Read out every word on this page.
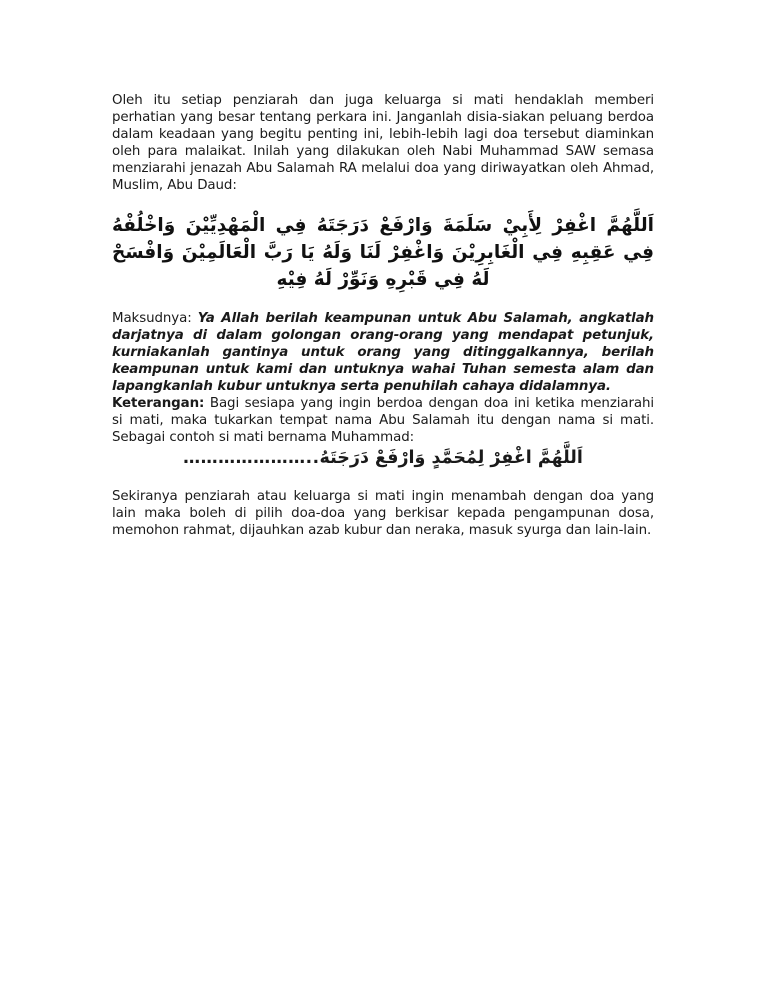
Oleh itu setiap penziarah dan juga keluarga si mati hendaklah memberi perhatian yang besar tentang perkara ini. Janganlah disia-siakan peluang berdoa dalam keadaan yang begitu penting ini, lebih-lebih lagi doa tersebut diaminkan oleh para malaikat. Inilah yang dilakukan oleh Nabi Muhammad SAW semasa menziarahi jenazah Abu Salamah RA melalui doa yang diriwayatkan oleh Ahmad, Muslim, Abu Daud:

اَللَّهُمَّ اغْفِرْ لِأَبِيْ سَلَمَةَ وَارْفَعْ دَرَجَتَهُ فِي الْمَهْدِيِّيْنَ وَاخْلُفْهُ فِي عَقِبِهِ فِي الْغَابِرِيْنَ وَاغْفِرْ لَنَا وَلَهُ يَا رَبَّ الْعَالَمِيْنَ وَافْسَحْ لَهُ فِي قَبْرِهِ وَنَوِّرْ لَهُ فِيْهِ

Maksudnya: Ya Allah berilah keampunan untuk Abu Salamah, angkatlah darjatnya di dalam golongan orang-orang yang mendapat petunjuk, kurniakanlah gantinya untuk orang yang ditinggalkannya, berilah keampunan untuk kami dan untuknya wahai Tuhan semesta alam dan lapangkanlah kubur untuknya serta penuhilah cahaya didalamnya.

Keterangan: Bagi sesiapa yang ingin berdoa dengan doa ini ketika menziarahi si mati, maka tukarkan tempat nama Abu Salamah itu dengan nama si mati. Sebagai contoh si mati bernama Muhammad:

………………….. اَللَّهُمَّ اغْفِرْ لِمُحَمَّدٍ وَارْفَعْ دَرَجَتَهُ

Sekiranya penziarah atau keluarga si mati ingin menambah dengan doa yang lain maka boleh di pilih doa-doa yang berkisar kepada pengampunan dosa, memohon rahmat, dijauhkan azab kubur dan neraka, masuk syurga dan lain-lain.
